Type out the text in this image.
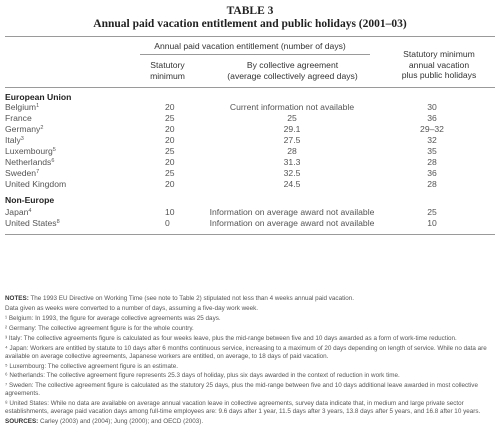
TABLE 3
Annual paid vacation entitlement and public holidays (2001–03)
Annual paid vacation entitlement (number of days)
Statutory
minimum
By collective agreement
(average collectively agreed days)
Statutory minimum
annual vacation
plus public holidays
European Union
Belgium$^1$	20	Current information not available	30
France	25	25	36
Germany$^2$	20	29.1	29–32
Italy$^3$	20	27.5	32
Luxembourg$^5$	25	28	35
Netherlands$^6$	20	31.3	28
Sweden$^7$	25	32.5	36
United Kingdom	20	24.5	28
Non-Europe
Japan$^4$	10	Information on average award not available	25
United States$^8$	0	Information on average award not available	10

NOTES: The 1993 EU Directive on Working Time (see note to Table 2) stipulated not less than 4 weeks annual paid vacation.

Data given as weeks were converted to a number of days, assuming a five-day work week.

¹ Belgium: In 1993, the figure for average collective agreements was 25 days.

² Germany: The collective agreement figure is for the whole country.

³ Italy: The collective agreements figure is calculated as four weeks leave, plus the mid-range between five and 10 days awarded as a form of work-time reduction.

⁴ Japan: Workers are entitled by statute to 10 days after 6 months continuous service, increasing to a maximum of 20 days depending on length of service. While no data are available on average collective agreements, Japanese workers are entitled, on average, to 18 days of paid vacation.

⁵ Luxembourg: The collective agreement figure is an estimate.

⁶ Netherlands: The collective agreement figure represents 25.3 days of holiday, plus six days awarded in the context of reduction in work time.

⁷ Sweden: The collective agreement figure is calculated as the statutory 25 days, plus the mid-range between five and 10 days additional leave awarded in most collective agreements.

⁸ United States: While no data are available on average annual vacation leave in collective agreements, survey data indicate that, in medium and large private sector establishments, average paid vacation days among full-time employees are: 9.6 days after 1 year, 11.5 days after 3 years, 13.8 days after 5 years, and 16.8 after 10 years.

SOURCES: Carley (2003) and (2004); Jung (2000); and OECD (2003).
